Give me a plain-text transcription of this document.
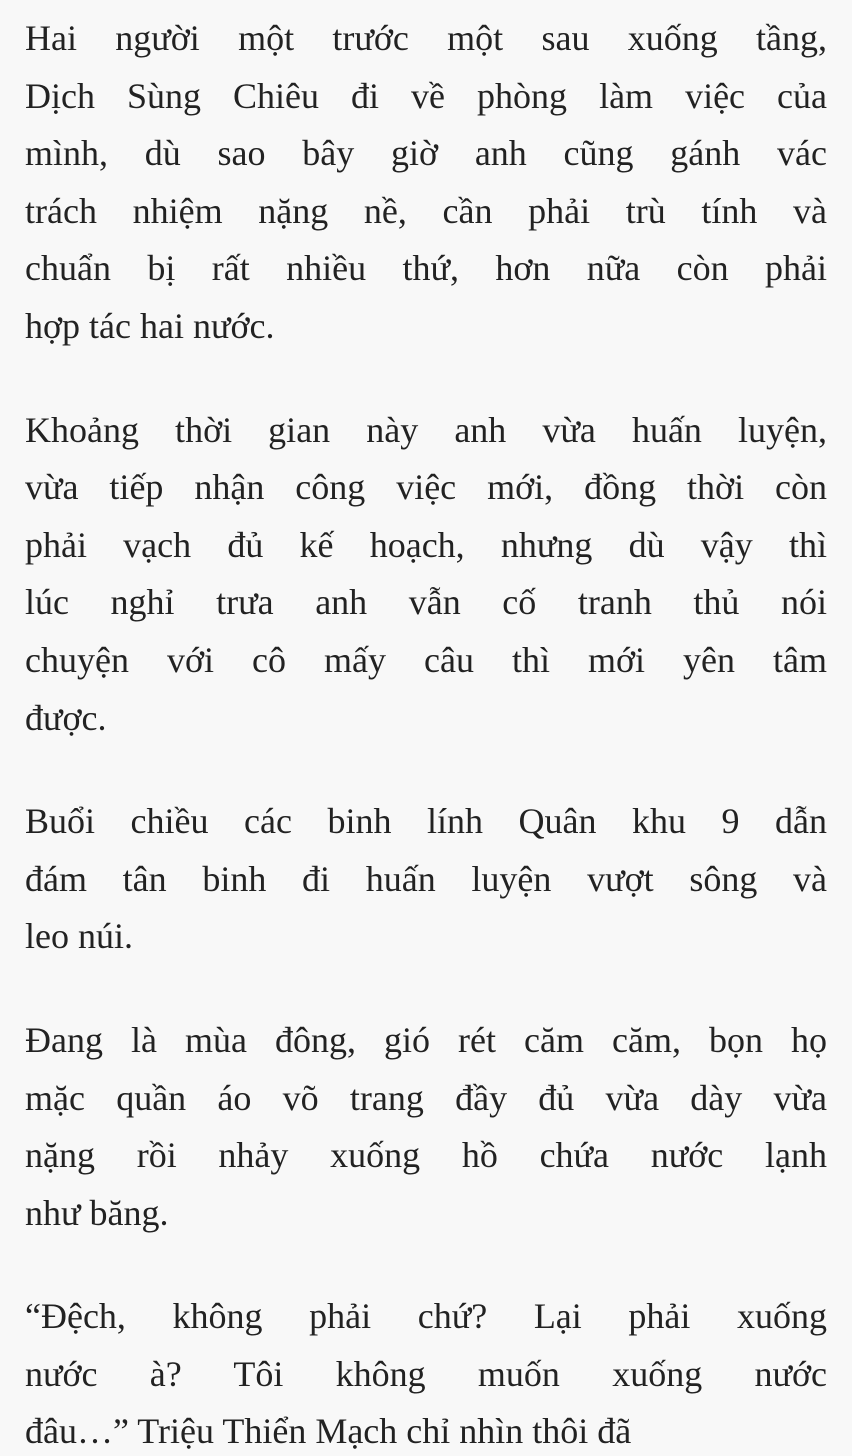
Hai người một trước một sau xuống tầng,
Dịch Sùng Chiêu đi về phòng làm việc của
mình, dù sao bây giờ anh cũng gánh vác
trách nhiệm nặng nề, cần phải trù tính và
chuẩn bị rất nhiều thứ, hơn nữa còn phải
hợp tác hai nước.

Khoảng thời gian này anh vừa huấn luyện,
vừa tiếp nhận công việc mới, đồng thời còn
phải vạch đủ kế hoạch, nhưng dù vậy thì
lúc nghỉ trưa anh vẫn cố tranh thủ nói
chuyện với cô mấy câu thì mới yên tâm
được.

Buổi chiều các binh lính Quân khu 9 dẫn
đám tân binh đi huấn luyện vượt sông và
leo núi.

Đang là mùa đông, gió rét căm căm, bọn họ
mặc quần áo võ trang đầy đủ vừa dày vừa
nặng rồi nhảy xuống hồ chứa nước lạnh
như băng.

“Đệch, không phải chứ? Lại phải xuống
nước à? Tôi không muốn xuống nước
đâu…” Triệu Thiển Mạch chỉ nhìn thôi đã
